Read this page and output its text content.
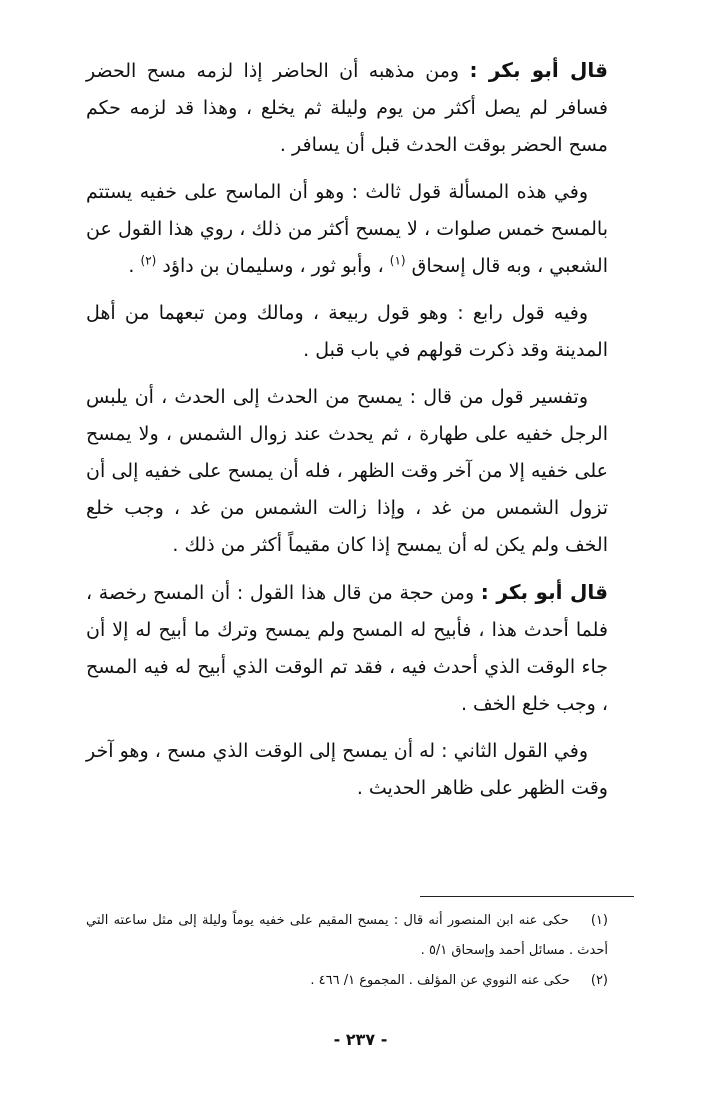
قال أبو بكر : ومن مذهبه أن الحاضر إذا لزمه مسح الحضر فسافر لم يصل أكثر من يوم وليلة ثم يخلع ، وهذا قد لزمه حكم مسح الحضر بوقت الحدث قبل أن يسافر .

وفي هذه المسألة قول ثالث : وهو أن الماسح على خفيه يستتم بالمسح خمس صلوات ، لا يمسح أكثر من ذلك ، روي هذا القول عن الشعبي ، وبه قال إسحاق $^{(١)}$ ، وأبو ثور ، وسليمان بن داؤد $^{(٢)}$ .

وفيه قول رابع : وهو قول ربيعة ، ومالك ومن تبعهما من أهل المدينة وقد ذكرت قولهم في باب قبل .

وتفسير قول من قال : يمسح من الحدث إلى الحدث ، أن يلبس الرجل خفيه على طهارة ، ثم يحدث عند زوال الشمس ، ولا يمسح على خفيه إلا من آخر وقت الظهر ، فله أن يمسح على خفيه إلى أن تزول الشمس من غد ، وإذا زالت الشمس من غد ، وجب خلع الخف ولم يكن له أن يمسح إذا كان مقيماً أكثر من ذلك .

قال أبو بكر : ومن حجة من قال هذا القول : أن المسح رخصة ، فلما أحدث هذا ، فأبيح له المسح ولم يمسح وترك ما أبيح له إلا أن جاء الوقت الذي أحدث فيه ، فقد تم الوقت الذي أبيح له فيه المسح ، وجب خلع الخف .

وفي القول الثاني : له أن يمسح إلى الوقت الذي مسح ، وهو آخر وقت الظهر على ظاهر الحديث .

(١) حكى عنه ابن المنصور أنه قال : يمسح المقيم على خفيه يوماً وليلة إلى مثل ساعته التي أحدث . مسائل أحمد وإسحاق ٥/١ .

(٢) حكى عنه النووي عن المؤلف . المجموع ١/ ٤٦٦ .

- ٢٣٧ -
